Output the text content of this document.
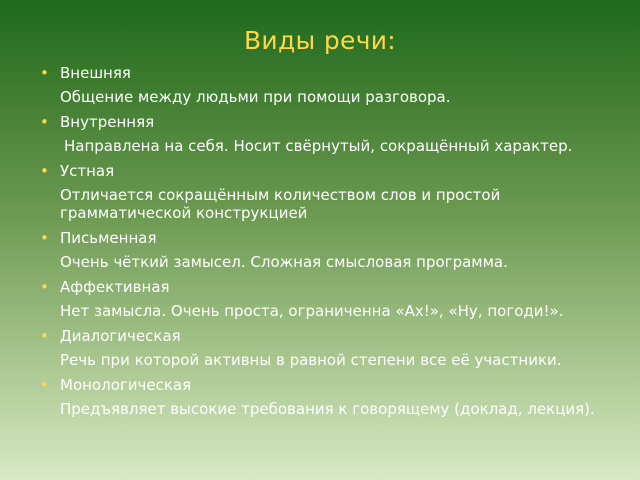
Виды речи:
• Внешняя
Общение между людьми при помощи разговора.
• Внутренняя
Направлена на себя. Носит свёрнутый, сокращённый характер.
• Устная
Отличается сокращённым количеством слов и простой грамматической конструкцией
• Письменная
Очень чёткий замысел. Сложная смысловая программа.
• Аффективная
Нет замысла. Очень проста, ограниченна «Ах!», «Ну, погоди!».
• Диалогическая
Речь при которой активны в равной степени все её участники.
• Монологическая
Предъявляет высокие требования к говорящему (доклад, лекция).
